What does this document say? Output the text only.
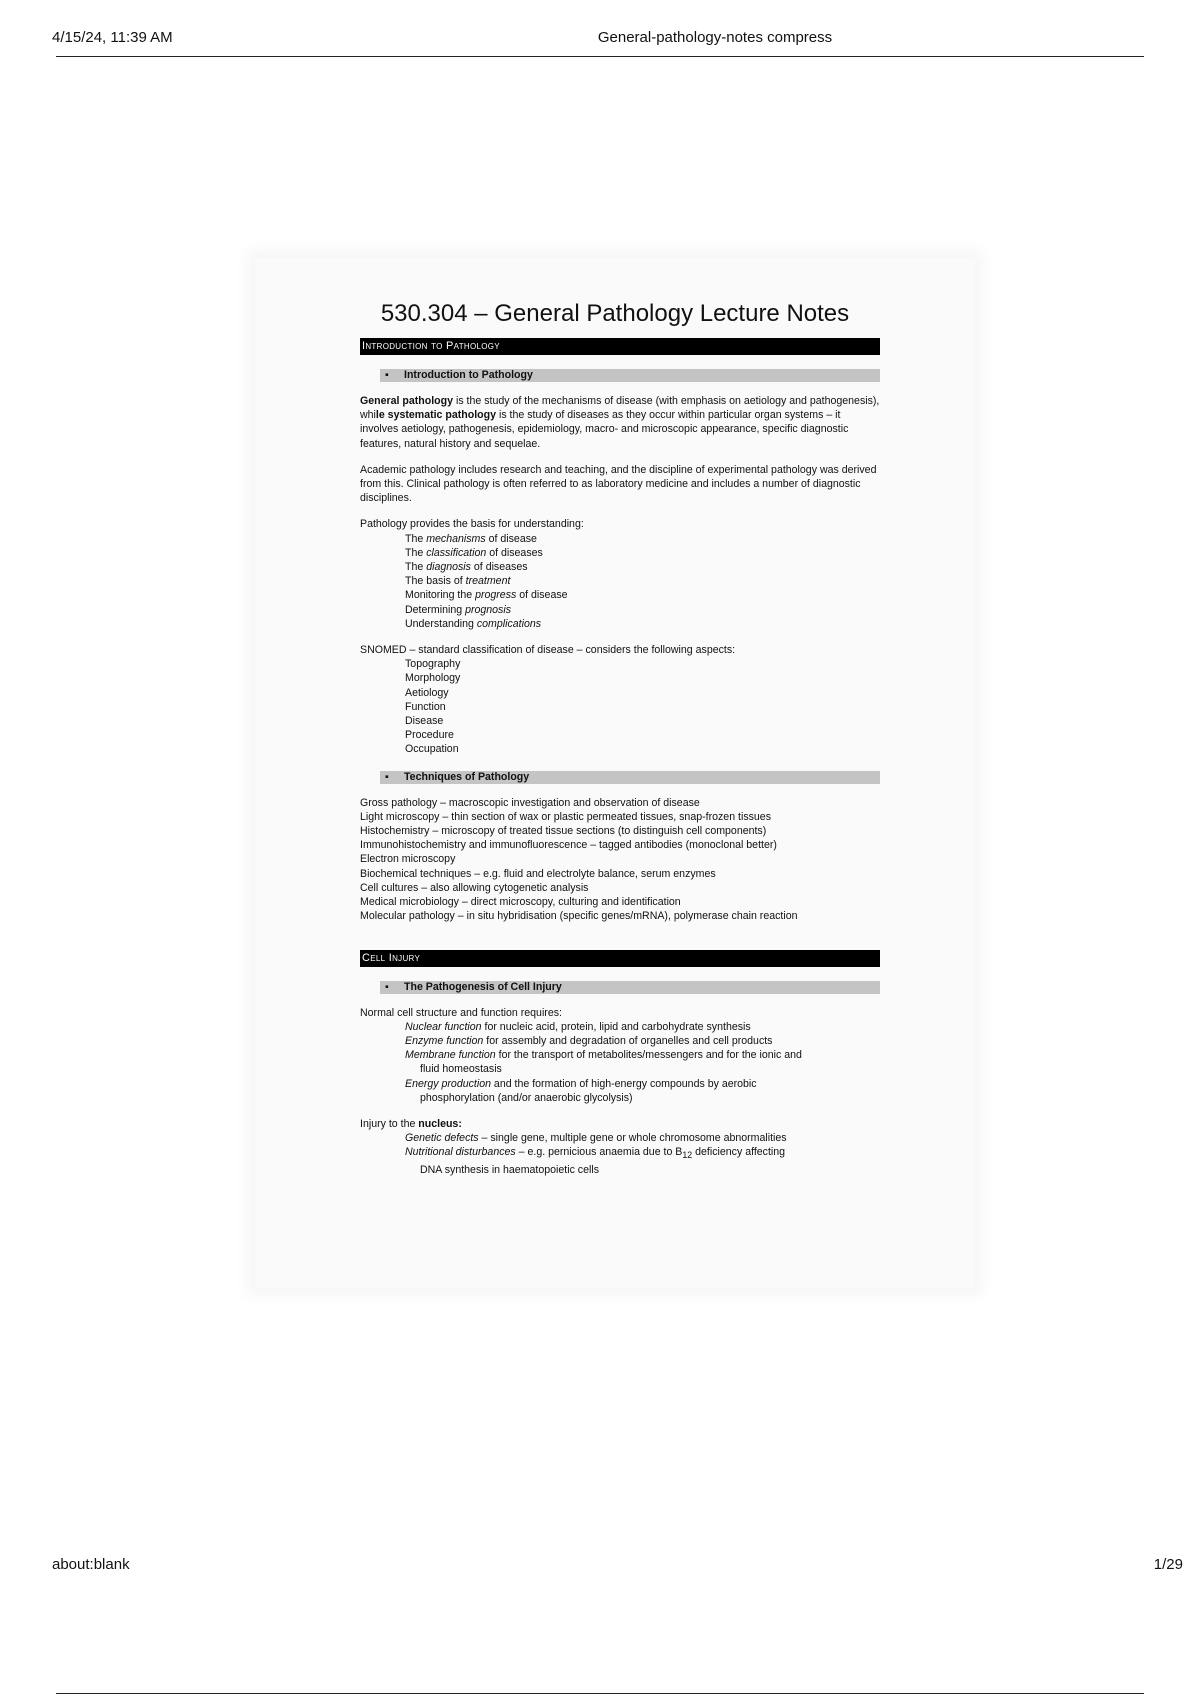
4/15/24, 11:39 AM	General-pathology-notes compress
530.304 – General Pathology Lecture Notes
Introduction to Pathology
▪ Introduction to Pathology

General pathology is the study of the mechanisms of disease (with emphasis on aetiology and pathogenesis), while systematic pathology is the study of diseases as they occur within particular organ systems – it involves aetiology, pathogenesis, epidemiology, macro- and microscopic appearance, specific diagnostic features, natural history and sequelae.

Academic pathology includes research and teaching, and the discipline of experimental pathology was derived from this. Clinical pathology is often referred to as laboratory medicine and includes a number of diagnostic disciplines.

Pathology provides the basis for understanding:
The mechanisms of disease
The classification of diseases
The diagnosis of diseases
The basis of treatment
Monitoring the progress of disease
Determining prognosis
Understanding complications
SNOMED – standard classification of disease – considers the following aspects:
Topography
Morphology
Aetiology
Function
Disease
Procedure
Occupation
▪ Techniques of Pathology
Gross pathology – macroscopic investigation and observation of disease
Light microscopy – thin section of wax or plastic permeated tissues, snap-frozen tissues
Histochemistry – microscopy of treated tissue sections (to distinguish cell components)
Immunohistochemistry and immunofluorescence – tagged antibodies (monoclonal better)
Electron microscopy
Biochemical techniques – e.g. fluid and electrolyte balance, serum enzymes
Cell cultures – also allowing cytogenetic analysis
Medical microbiology – direct microscopy, culturing and identification
Molecular pathology – in situ hybridisation (specific genes/mRNA), polymerase chain reaction
Cell Injury
▪ The Pathogenesis of Cell Injury
Normal cell structure and function requires:
Nuclear function for nucleic acid, protein, lipid and carbohydrate synthesis
Enzyme function for assembly and degradation of organelles and cell products
Membrane function for the transport of metabolites/messengers and for the ionic and
fluid homeostasis
Energy production and the formation of high-energy compounds by aerobic
phosphorylation (and/or anaerobic glycolysis)
Injury to the nucleus:
Genetic defects – single gene, multiple gene or whole chromosome abnormalities
Nutritional disturbances – e.g. pernicious anaemia due to $B_{12}$ deficiency affecting
DNA synthesis in haematopoietic cells
about:blank	1/29
